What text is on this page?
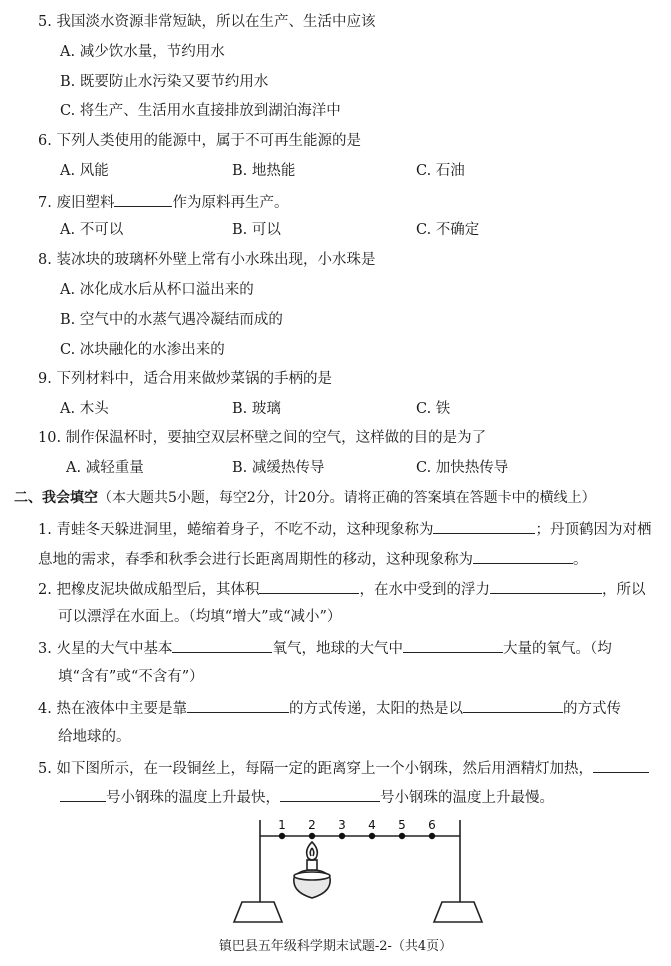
5. 我国淡水资源非常短缺，所以在生产、生活中应该
A. 减少饮水量，节约用水
B. 既要防止水污染又要节约用水
C. 将生产、生活用水直接排放到湖泊海洋中
6. 下列人类使用的能源中，属于不可再生能源的是
A. 风能	B. 地热能	C. 石油
7. 废旧塑料	作为原料再生产。
A. 不可以	B. 可以	C. 不确定
8. 装冰块的玻璃杯外壁上常有小水珠出现，小水珠是
A. 冰化成水后从杯口溢出来的
B. 空气中的水蒸气遇冷凝结而成的
C. 冰块融化的水渗出来的
9. 下列材料中，适合用来做炒菜锅的手柄的是
A. 木头	B. 玻璃	C. 铁
10. 制作保温杯时，要抽空双层杯壁之间的空气，这样做的目的是为了
A. 减轻重量	B. 减缓热传导	C. 加快热传导
二、我会填空（本大题共5小题，每空2分，计20分。请将正确的答案填在答题卡中的横线上）
1. 青蛙冬天躲进洞里，蜷缩着身子，不吃不动，这种现象称为	；丹顶鹤因为对栖
息地的需求，春季和秋季会进行长距离周期性的移动，这种现象称为	。
2. 把橡皮泥块做成船型后，其体积	，在水中受到的浮力	，所以
可以漂浮在水面上。（均填“增大”或“减小”）
3. 火星的大气中基本	氧气，地球的大气中	大量的氧气。（均
填“含有”或“不含有”）
4. 热在液体中主要是靠	的方式传递，太阳的热是以	的方式传
给地球的。
5. 如下图所示，在一段铜丝上，每隔一定的距离穿上一个小钢珠，然后用酒精灯加热，
号小钢珠的温度上升最快，	号小钢珠的温度上升最慢。
1 2 3 4 5 6
镇巴县五年级科学期末试题-2-（共4页）
